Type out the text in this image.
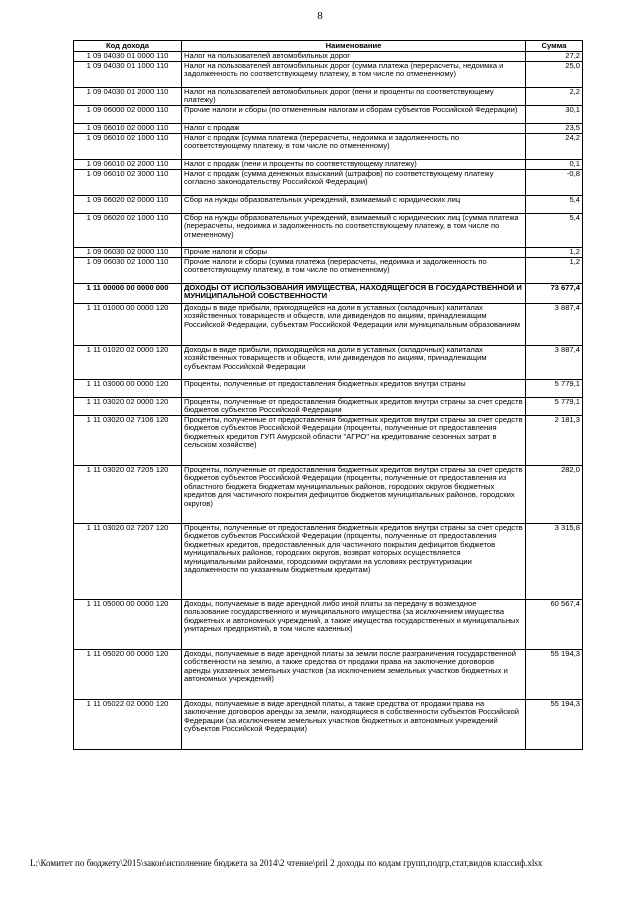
8
Код дохода	Наименование	Сумма
1 09 04030 01 0000 110	Налог на пользователей автомобильных дорог	27,2
1 09 04030 01 1000 110	Налог на пользователей автомобильных дорог (сумма платежа (перерасчеты, недоимка и задолженность по соответствующему платежу, в том числе по отмененному)	25,0
1 09 04030 01 2000 110	Налог на пользователей автомобильных дорог (пени и проценты по соответствующему платежу)	2,2
1 09 06000 02 0000 110	Прочие налоги и сборы (по отмененным налогам и сборам субъектов Российской Федерации)	30,1
1 09 06010 02 0000 110	Налог с продаж	23,5
1 09 06010 02 1000 110	Налог с продаж (сумма платежа (перерасчеты, недоимка и задолженность по соответствующему платежу, в том числе по отмененному)	24,2
1 09 06010 02 2000 110	Налог с продаж (пени и проценты по соответствующему платежу)	0,1
1 09 06010 02 3000 110	Налог с продаж (сумма денежных взысканий (штрафов) по соответствующему платежу согласно законодательству Российской Федерации)	-0,8
1 09 06020 02 0000 110	Сбор на нужды образовательных учреждений, взимаемый с юридических лиц	5,4
1 09 06020 02 1000 110	Сбор на нужды образовательных учреждений, взимаемый с юридических лиц (сумма платежа (перерасчеты, недоимка и задолженность по соответствующему платежу, в том числе по отмененному)	5,4
1 09 06030 02 0000 110	Прочие налоги и сборы	1,2
1 09 06030 02 1000 110	Прочие налоги и сборы (сумма платежа (перерасчеты, недоимка и задолженность по соответствующему платежу, в том числе по отмененному)	1,2
1 11 00000 00 0000 000	ДОХОДЫ ОТ ИСПОЛЬЗОВАНИЯ ИМУЩЕСТВА, НАХОДЯЩЕГОСЯ В ГОСУДАРСТВЕННОЙ И МУНИЦИПАЛЬНОЙ СОБСТВЕННОСТИ	73 677,4
1 11 01000 00 0000 120	Доходы в виде прибыли, приходящейся на доли в уставных (складочных) капиталах хозяйственных товариществ и обществ, или дивидендов по акциям, принадлежащим Российской Федерации, субъектам Российской Федерации или муниципальным образованиям	3 887,4
1 11 01020 02 0000 120	Доходы в виде прибыли, приходящейся на доли в уставных (складочных) капиталах хозяйственных товариществ и обществ, или дивидендов по акциям, принадлежащим субъектам Российской Федерации	3 887,4
1 11 03000 00 0000 120	Проценты, полученные от предоставления бюджетных кредитов внутри страны	5 779,1
1 11 03020 02 0000 120	Проценты, полученные от предоставления бюджетных кредитов внутри страны за счет средств бюджетов субъектов Российской Федерации	5 779,1
1 11 03020 02 7106 120	Проценты, полученные от предоставления бюджетных кредитов внутри страны за счет средств бюджетов субъектов Российской Федерации (проценты, полученные от предоставления бюджетных кредитов ГУП Амурской области "АГРО" на кредитование сезонных затрат в сельском хозяйстве)	2 181,3
1 11 03020 02 7205 120	Проценты, полученные от предоставления бюджетных кредитов внутри страны за счет средств бюджетов субъектов Российской Федерации (проценты, полученные от предоставления из областного бюджета бюджетам муниципальных районов, городских округов бюджетных кредитов для частичного покрытия дефицитов бюджетов муниципальных районов, городских округов)	282,0
1 11 03020 02 7207 120	Проценты, полученные от предоставления бюджетных кредитов внутри страны за счет средств бюджетов субъектов Российской Федерации (проценты, полученные от предоставления бюджетных кредитов, предоставленных для частичного покрытия дефицитов бюджетов муниципальных районов, городских округов, возврат которых осуществляется муниципальными районами, городскими округами на условиях реструктуризации задолженности по указанным бюджетным кредитам)	3 315,8
1 11 05000 00 0000 120	Доходы, получаемые в виде арендной либо иной платы за передачу в возмездное пользование государственного и муниципального имущества (за исключением имущества бюджетных и автономных учреждений, а также имущества государственных и муниципальных унитарных предприятий, в том числе казенных)	60 567,4
1 11 05020 00 0000 120	Доходы, получаемые в виде арендной платы за земли после разграничения государственной собственности на землю, а также средства от продажи права на заключение договоров аренды указанных земельных участков (за исключением земельных участков бюджетных и автономных учреждений)	55 194,3
1 11 05022 02 0000 120	Доходы, получаемые в виде арендной платы, а также средства от продажи права на заключение договоров аренды за земли, находящиеся в собственности субъектов Российской Федерации (за исключением земельных участков бюджетных и автономных учреждений субъектов Российской Федерации)	55 194,3
L:\Комитет по бюджету\2015\закон\исполнение бюджета за 2014\2 чтение\pril 2 доходы по кодам групп,подгр,стат,видов классиф.xlsx
